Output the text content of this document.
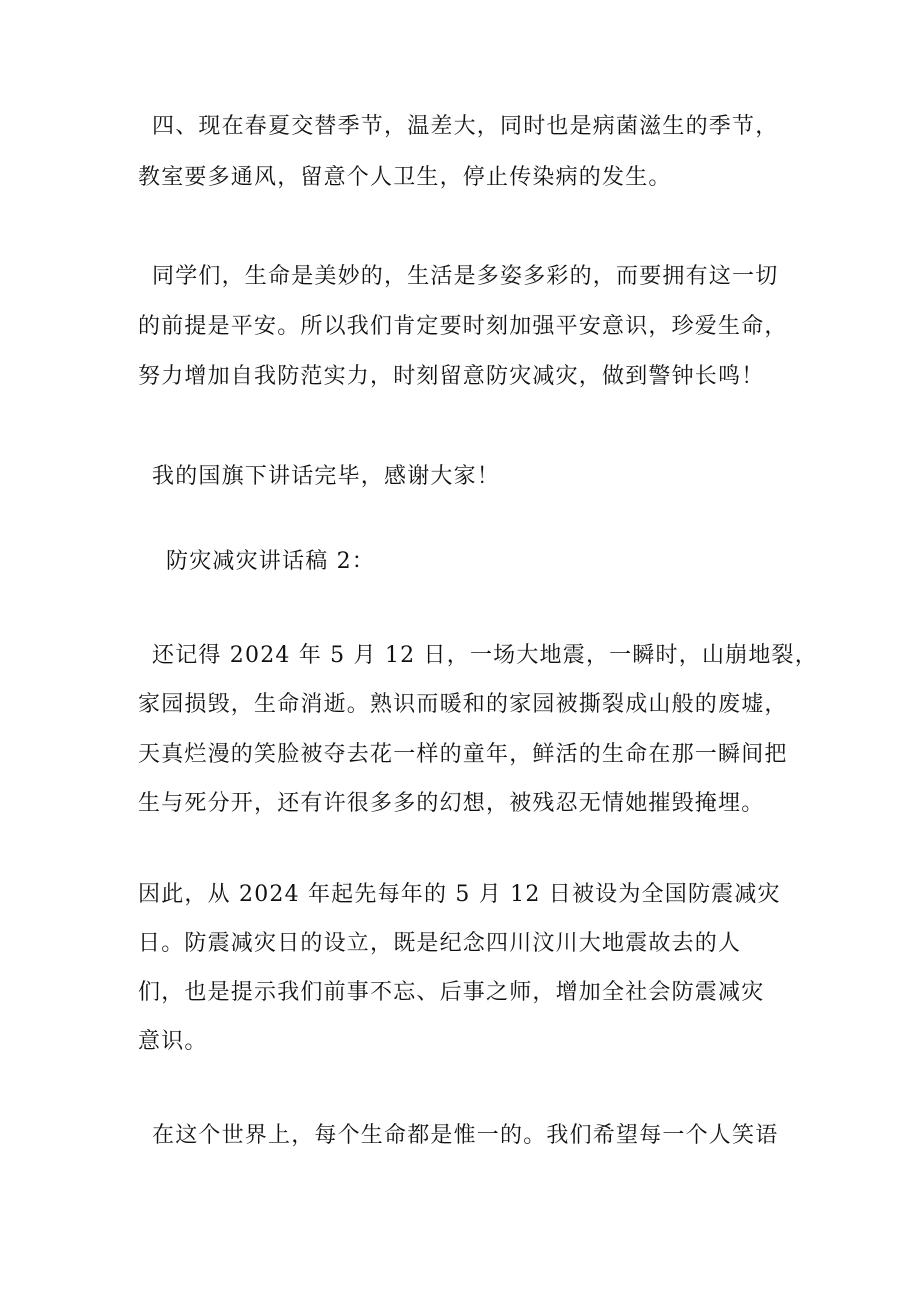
四、现在春夏交替季节，温差大，同时也是病菌滋生的季节，
教室要多通风，留意个人卫生，停止传染病的发生。
同学们，生命是美妙的，生活是多姿多彩的，而要拥有这一切
的前提是平安。所以我们肯定要时刻加强平安意识，珍爱生命，
努力增加自我防范实力，时刻留意防灾减灾，做到警钟长鸣！
我的国旗下讲话完毕，感谢大家！
防灾减灾讲话稿 2：
还记得 2024 年 5 月 12 日，一场大地震，一瞬时，山崩地裂，
家园损毁，生命消逝。熟识而暖和的家园被撕裂成山般的废墟，
天真烂漫的笑脸被夺去花一样的童年，鲜活的生命在那一瞬间把
生与死分开，还有许很多多的幻想，被残忍无情她摧毁掩埋。
因此，从 2024 年起先每年的 5 月 12 日被设为全国防震减灾
日。防震减灾日的设立，既是纪念四川汶川大地震故去的人
们，也是提示我们前事不忘、后事之师，增加全社会防震减灾
意识。
在这个世界上，每个生命都是惟一的。我们希望每一个人笑语
